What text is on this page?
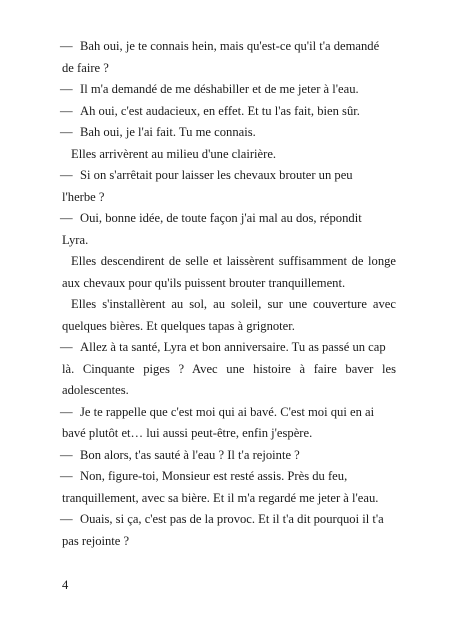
— Bah oui, je te connais hein, mais qu'est-ce qu'il t'a demandé
de faire ?
— Il m'a demandé de me déshabiller et de me jeter à l'eau.
— Ah oui, c'est audacieux, en effet. Et tu l'as fait, bien sûr.
— Bah oui, je l'ai fait. Tu me connais.
Elles arrivèrent au milieu d'une clairière.
— Si on s'arrêtait pour laisser les chevaux brouter un peu
l'herbe ?
— Oui, bonne idée, de toute façon j'ai mal au dos, répondit
Lyra.
Elles descendirent de selle et laissèrent suffisamment de longe aux chevaux pour qu'ils puissent brouter tranquillement.
Elles s'installèrent au sol, au soleil, sur une couverture avec quelques bières. Et quelques tapas à grignoter.
— Allez à ta santé, Lyra et bon anniversaire. Tu as passé un cap
là. Cinquante piges ? Avec une histoire à faire baver les adolescentes.
— Je te rappelle que c'est moi qui ai bavé. C'est moi qui en ai
bavé plutôt et… lui aussi peut-être, enfin j'espère.
— Bon alors, t'as sauté à l'eau ? Il t'a rejointe ?
— Non, figure-toi, Monsieur est resté assis. Près du feu,
tranquillement, avec sa bière. Et il m'a regardé me jeter à l'eau.
— Ouais, si ça, c'est pas de la provoc. Et il t'a dit pourquoi il t'a
pas rejointe ?
4
